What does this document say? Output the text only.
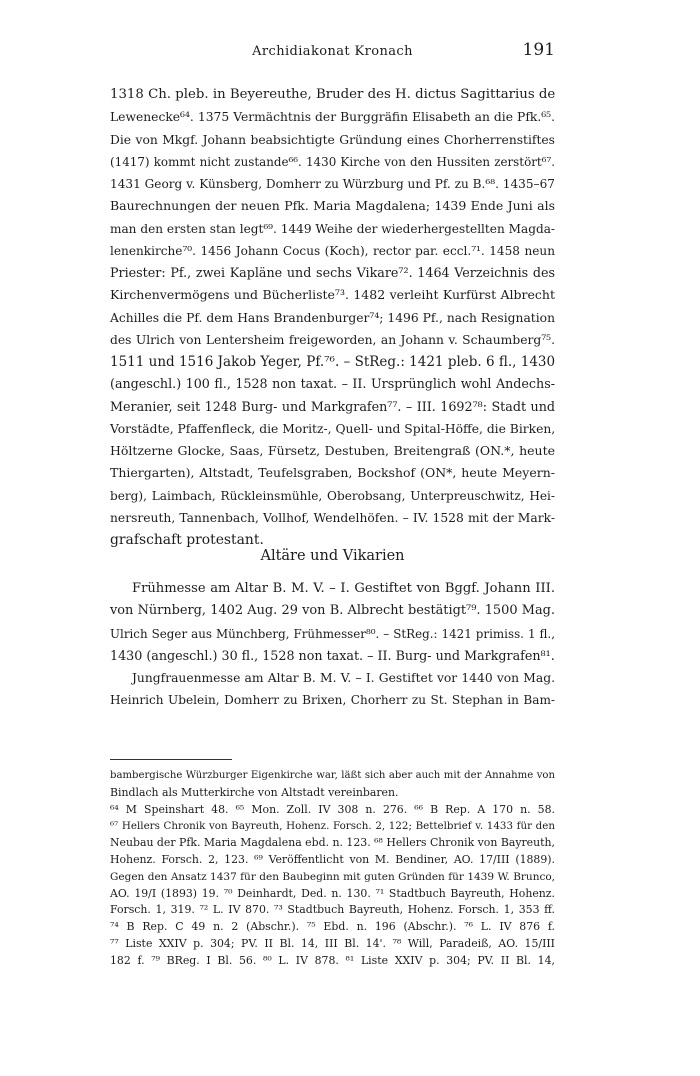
Archidiakonat Kronach	191
1318 Ch. pleb. in Beyereuthe, Bruder des H. dictus Sagittarius de
Lewenecke⁶⁴. 1375 Vermächtnis der Burggräfin Elisabeth an die Pfk.⁶⁵.
Die von Mkgf. Johann beabsichtigte Gründung eines Chorherrenstiftes
(1417) kommt nicht zustande⁶⁶. 1430 Kirche von den Hussiten zerstört⁶⁷.
1431 Georg v. Künsberg, Domherr zu Würzburg und Pf. zu B.⁶⁸. 1435–67
Baurechnungen der neuen Pfk. Maria Magdalena; 1439 Ende Juni als
man den ersten stan legt⁶⁹. 1449 Weihe der wiederhergestellten Magda-
lenenkirche⁷⁰. 1456 Johann Cocus (Koch), rector par. eccl.⁷¹. 1458 neun
Priester: Pf., zwei Kapläne und sechs Vikare⁷². 1464 Verzeichnis des
Kirchenvermögens und Bücherliste⁷³. 1482 verleiht Kurfürst Albrecht
Achilles die Pf. dem Hans Brandenburger⁷⁴; 1496 Pf., nach Resignation
des Ulrich von Lentersheim freigeworden, an Johann v. Schaumberg⁷⁵.
1511 und 1516 Jakob Yeger, Pf.⁷⁶. – StReg.: 1421 pleb. 6 fl., 1430
(angeschl.) 100 fl., 1528 non taxat. – II. Ursprünglich wohl Andechs-
Meranier, seit 1248 Burg- und Markgrafen⁷⁷. – III. 1692⁷⁸: Stadt und
Vorstädte, Pfaffenfleck, die Moritz-, Quell- und Spital-Höffe, die Birken,
Höltzerne Glocke, Saas, Fürsetz, Destuben, Breitengraß (ON.*, heute
Thiergarten), Altstadt, Teufelsgraben, Bockshof (ON*, heute Meyern-
berg), Laimbach, Rückleinsmühle, Oberobsang, Unterpreuschwitz, Hei-
nersreuth, Tannenbach, Vollhof, Wendelhöfen. – IV. 1528 mit der Mark-
grafschaft protestant.
Altäre und Vikarien
Frühmesse am Altar B. M. V. – I. Gestiftet von Bggf. Johann III.
von Nürnberg, 1402 Aug. 29 von B. Albrecht bestätigt⁷⁹. 1500 Mag.
Ulrich Seger aus Münchberg, Frühmesser⁸⁰. – StReg.: 1421 primiss. 1 fl.,
1430 (angeschl.) 30 fl., 1528 non taxat. – II. Burg- und Markgrafen⁸¹.
Jungfrauenmesse am Altar B. M. V. – I. Gestiftet vor 1440 von Mag.
Heinrich Ubelein, Domherr zu Brixen, Chorherr zu St. Stephan in Bam-
bambergische Würzburger Eigenkirche war, läßt sich aber auch mit der Annahme von
Bindlach als Mutterkirche von Altstadt vereinbaren.
⁶⁴ M Speinshart 48. ⁶⁵ Mon. Zoll. IV 308 n. 276. ⁶⁶ B Rep. A 170 n. 58.
⁶⁷ Hellers Chronik von Bayreuth, Hohenz. Forsch. 2, 122; Bettelbrief v. 1433 für den
Neubau der Pfk. Maria Magdalena ebd. n. 123. ⁶⁸ Hellers Chronik von Bayreuth,
Hohenz. Forsch. 2, 123. ⁶⁹ Veröffentlicht von M. Bendiner, AO. 17/III (1889).
Gegen den Ansatz 1437 für den Baubeginn mit guten Gründen für 1439 W. Brunco,
AO. 19/I (1893) 19. ⁷⁰ Deinhardt, Ded. n. 130. ⁷¹ Stadtbuch Bayreuth, Hohenz.
Forsch. 1, 319. ⁷² L. IV 870. ⁷³ Stadtbuch Bayreuth, Hohenz. Forsch. 1, 353 ff.
⁷⁴ B Rep. C 49 n. 2 (Abschr.). ⁷⁵ Ebd. n. 196 (Abschr.). ⁷⁶ L. IV 876 f.
⁷⁷ Liste XXIV p. 304; PV. II Bl. 14, III Bl. 14'. ⁷⁸ Will, Paradeiß, AO. 15/III
182 f. ⁷⁹ BReg. I Bl. 56. ⁸⁰ L. IV 878. ⁸¹ Liste XXIV p. 304; PV. II Bl. 14,
